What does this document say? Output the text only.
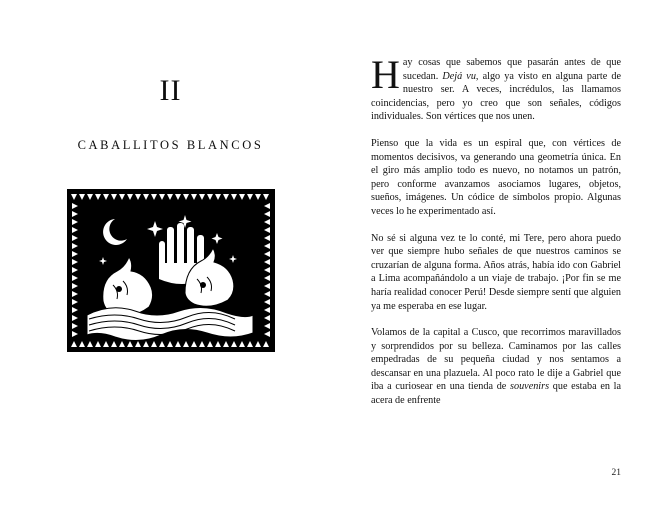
II
CABALLITOS BLANCOS

Hay cosas que sabemos que pasarán antes de que sucedan. Dejá vu, algo ya visto en alguna parte de nuestro ser. A veces, incrédulos, las llamamos coincidencias, pero yo creo que son señales, códigos individuales. Son vértices que nos unen.

Pienso que la vida es un espiral que, con vértices de momentos decisivos, va generando una geometría única. En el giro más amplio todo es nuevo, no notamos un patrón, pero conforme avanzamos asociamos lugares, objetos, sueños, imágenes. Un códice de símbolos propio. Algunas veces lo he experimentado así.

No sé si alguna vez te lo conté, mi Tere, pero ahora puedo ver que siempre hubo señales de que nuestros caminos se cruzarían de alguna forma. Años atrás, había ido con Gabriel a Lima acompañándolo a un viaje de trabajo. ¡Por fin se me haría realidad conocer Perú! Desde siempre sentí que alguien ya me esperaba en ese lugar.

Volamos de la capital a Cusco, que recorrimos maravillados y sorprendidos por su belleza. Caminamos por las calles empedradas de su pequeña ciudad y nos sentamos a descansar en una plazuela. Al poco rato le dije a Gabriel que iba a curiosear en una tienda de souvenirs que estaba en la acera de enfrente

21
